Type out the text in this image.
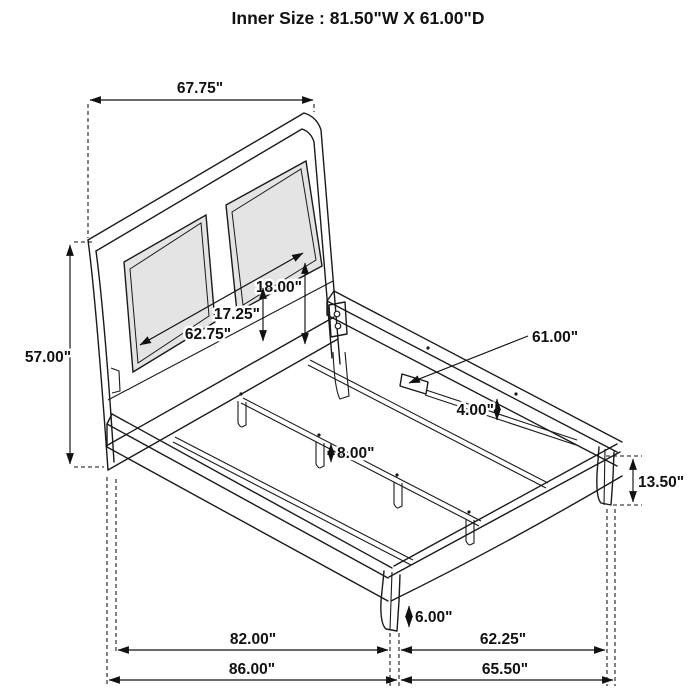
67.75"
57.00"
18.00"
17.25"
62.75"	61.00"
4.00"
8.00"
13.50"
6.00"
82.00"	62.25"
86.00"	65.50"
Inner Size : 81.50"W X 61.00"D
